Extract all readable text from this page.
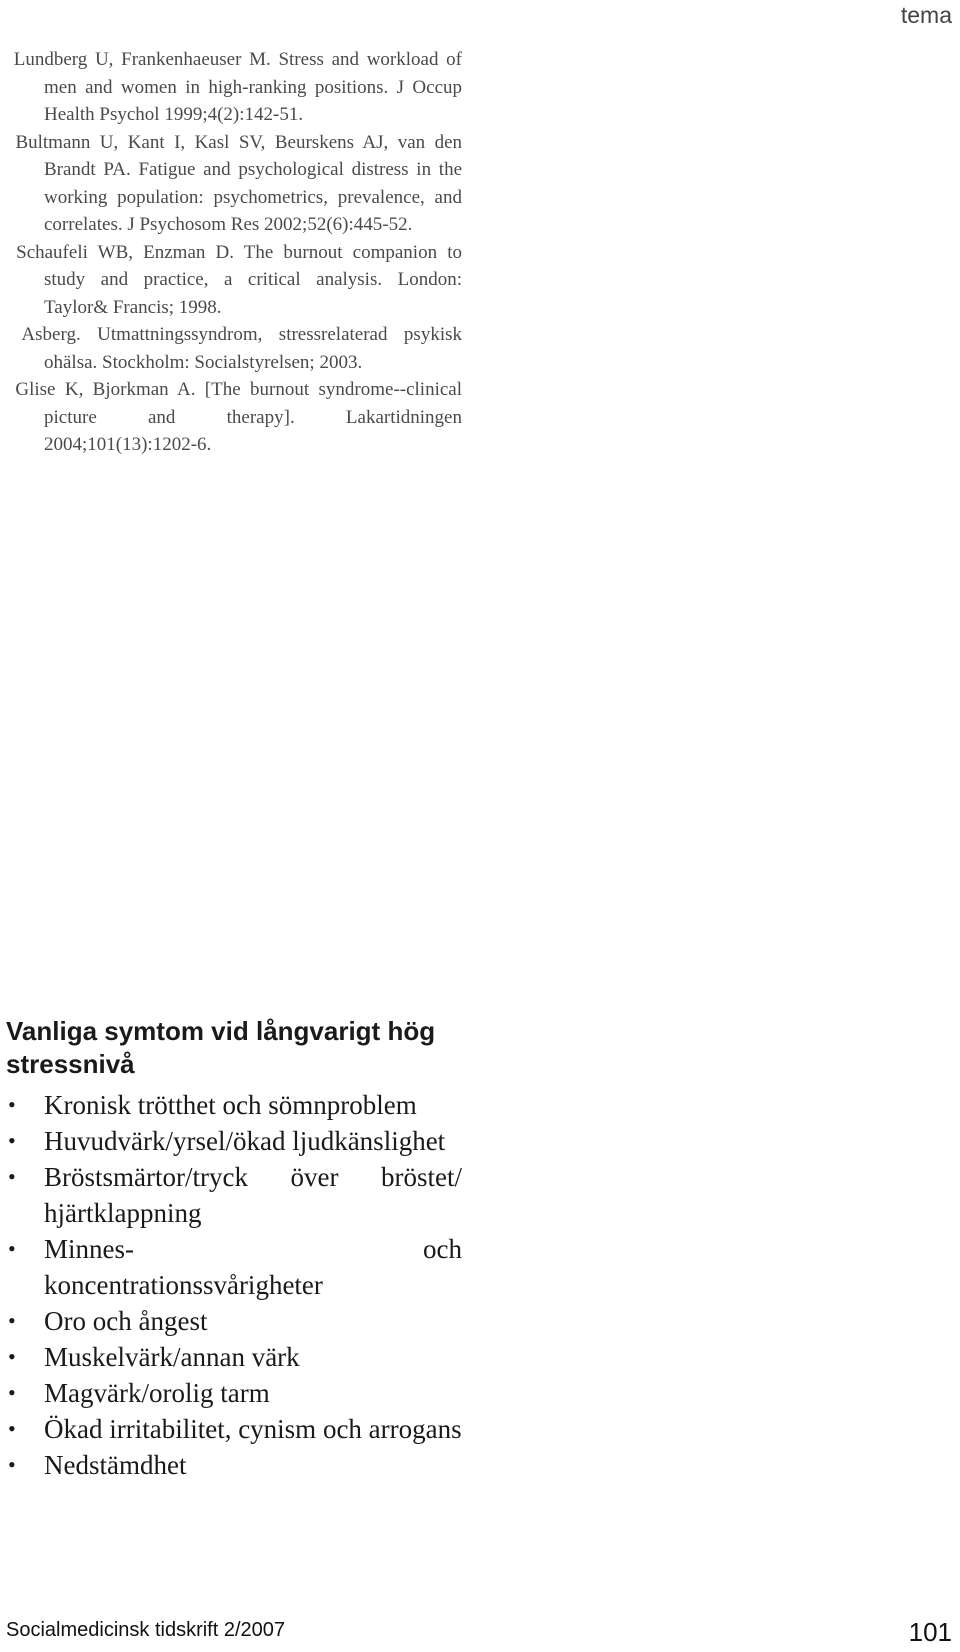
tema

Lundberg U, Frankenhaeuser M. Stress and workload of men and women in high-ranking positions. J Occup Health Psychol 1999;4(2):142-51.

Bultmann U, Kant I, Kasl SV, Beurskens AJ, van den Brandt PA. Fatigue and psychological distress in the working population: psychometrics, prevalence, and correlates. J Psychosom Res 2002;52(6):445-52.

Schaufeli WB, Enzman D. The burnout companion to study and practice, a critical analysis. London: Taylor& Francis; 1998.

Asberg. Utmattningssyndrom, stressrelaterad psykisk ohälsa. Stockholm: Socialstyrelsen; 2003.

Glise K, Bjorkman A. [The burnout syndrome--clinical picture and therapy]. Lakartidningen 2004;101(13):1202-6.

Vanliga symtom vid långvarigt hög stressnivå
• Kronisk trötthet och sömnproblem
• Huvudvärk/yrsel/ökad ljudkänslighet
• Bröstsmärtor/tryck över bröstet/ hjärtklappning
• Minnes- och koncentrationssvårigheter
• Oro och ångest
• Muskelvärk/annan värk
• Magvärk/orolig tarm
• Ökad irritabilitet, cynism och arrogans
• Nedstämdhet
Socialmedicinsk tidskrift 2/2007	101
